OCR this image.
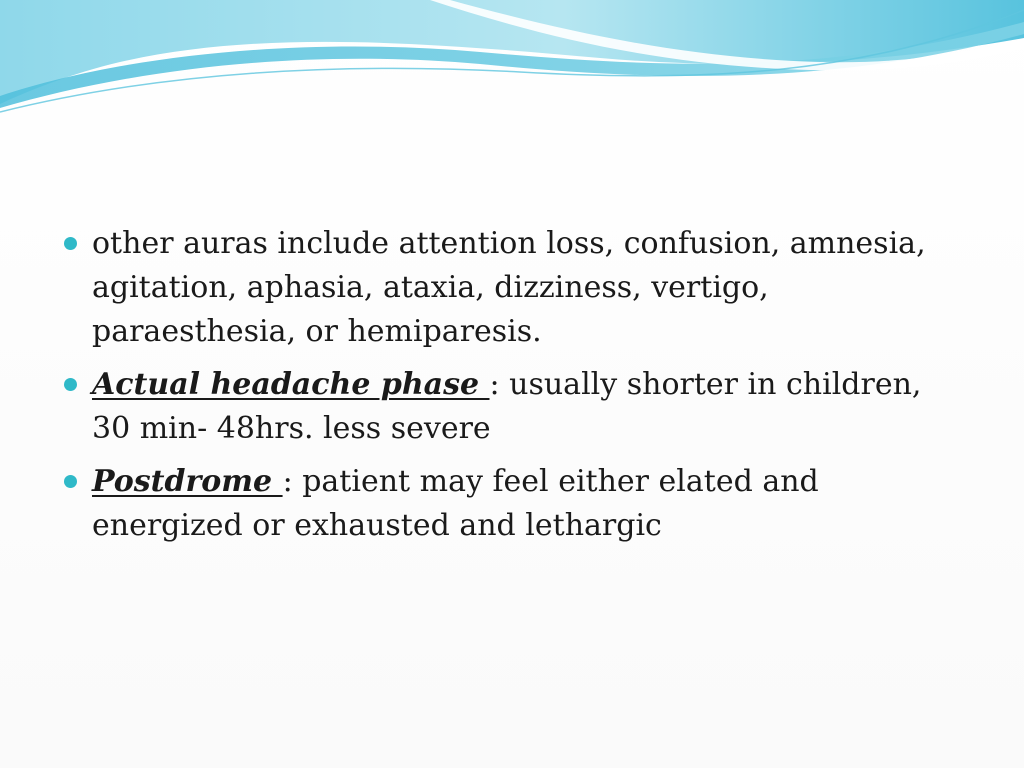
other auras include attention loss, confusion, amnesia, agitation, aphasia, ataxia, dizziness, vertigo, paraesthesia, or hemiparesis.
Actual headache phase : usually shorter in children, 30 min- 48hrs. less severe
Postdrome : patient may feel either elated and energized or exhausted and lethargic
